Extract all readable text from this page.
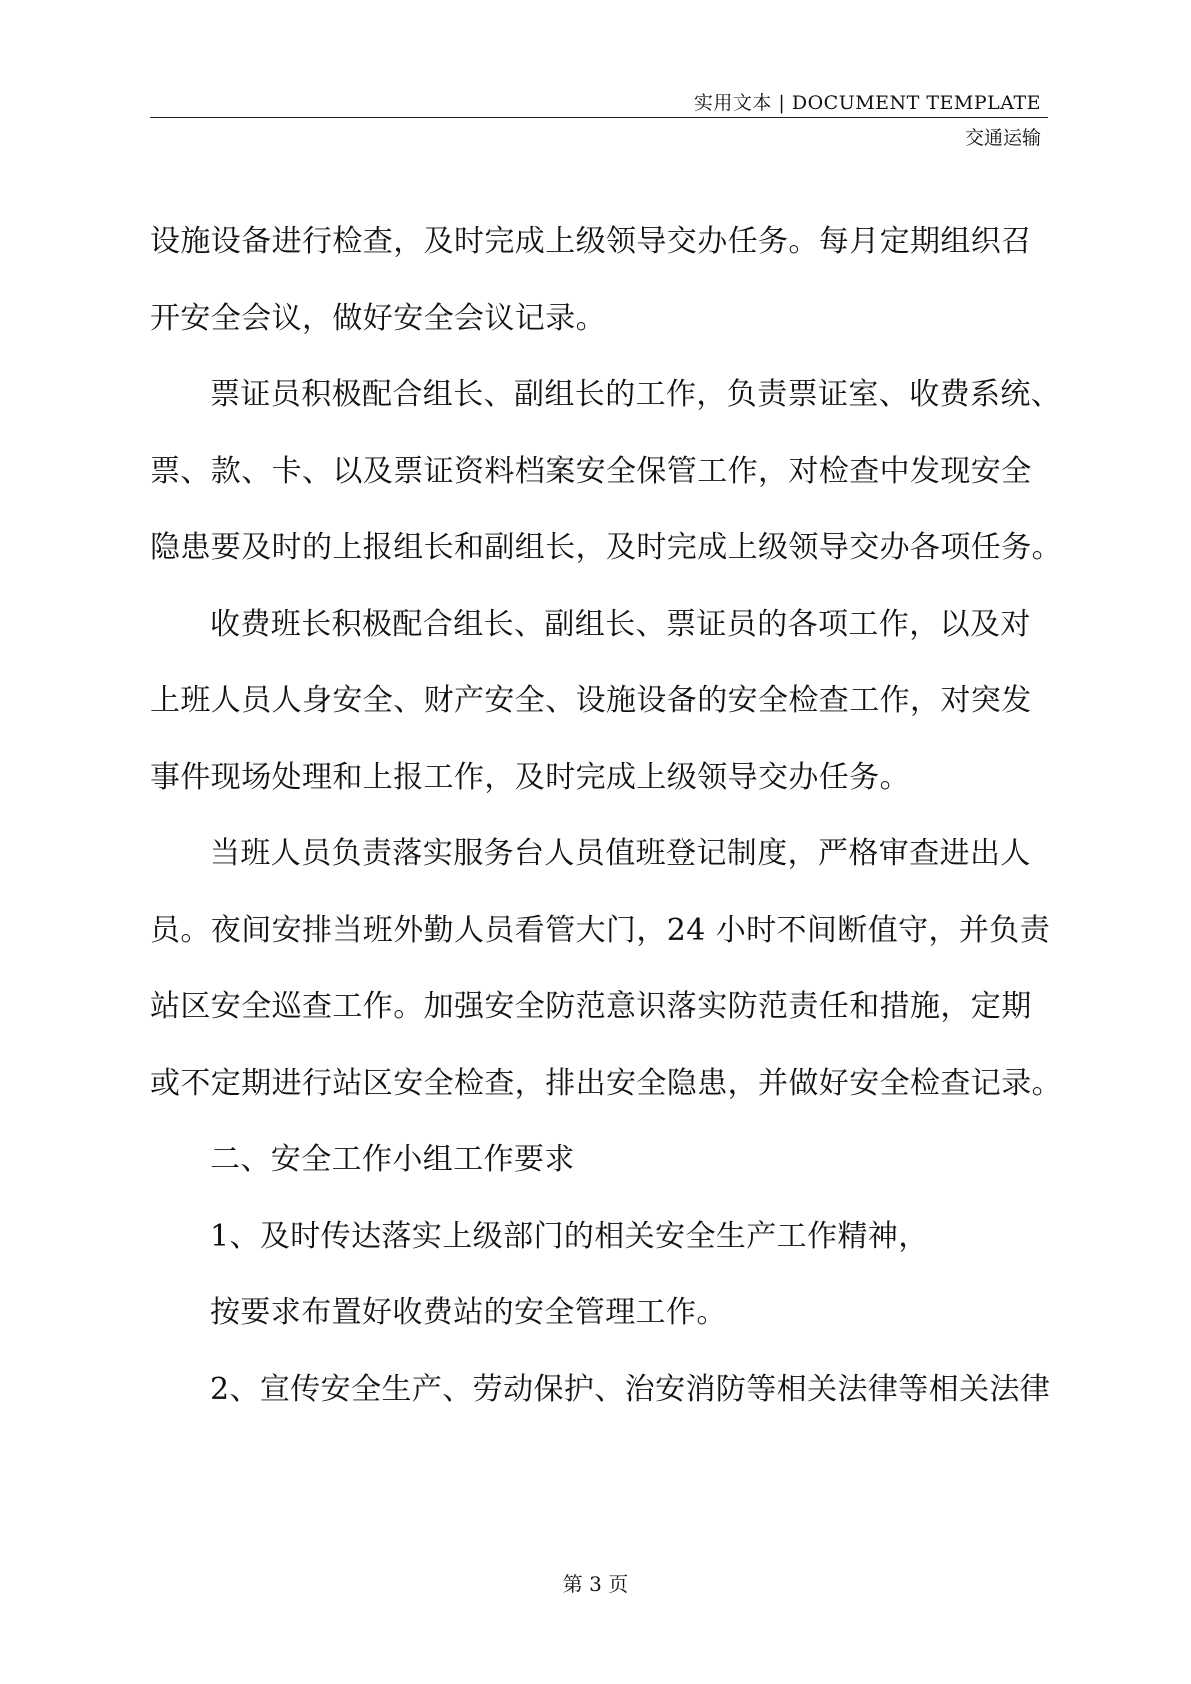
实用文本 | DOCUMENT TEMPLATE
交通运输

设施设备进行检查，及时完成上级领导交办任务。每月定期组织召

开安全会议，做好安全会议记录。

票证员积极配合组长、副组长的工作，负责票证室、收费系统、

票、款、卡、以及票证资料档案安全保管工作，对检查中发现安全

隐患要及时的上报组长和副组长，及时完成上级领导交办各项任务。

收费班长积极配合组长、副组长、票证员的各项工作，以及对

上班人员人身安全、财产安全、设施设备的安全检查工作，对突发

事件现场处理和上报工作，及时完成上级领导交办任务。

当班人员负责落实服务台人员值班登记制度，严格审查进出人

员。夜间安排当班外勤人员看管大门，24 小时不间断值守，并负责

站区安全巡查工作。加强安全防范意识落实防范责任和措施，定期

或不定期进行站区安全检查，排出安全隐患，并做好安全检查记录。

二、安全工作小组工作要求

1、及时传达落实上级部门的相关安全生产工作精神，

按要求布置好收费站的安全管理工作。

2、宣传安全生产、劳动保护、治安消防等相关法律等相关法律

第 3 页
